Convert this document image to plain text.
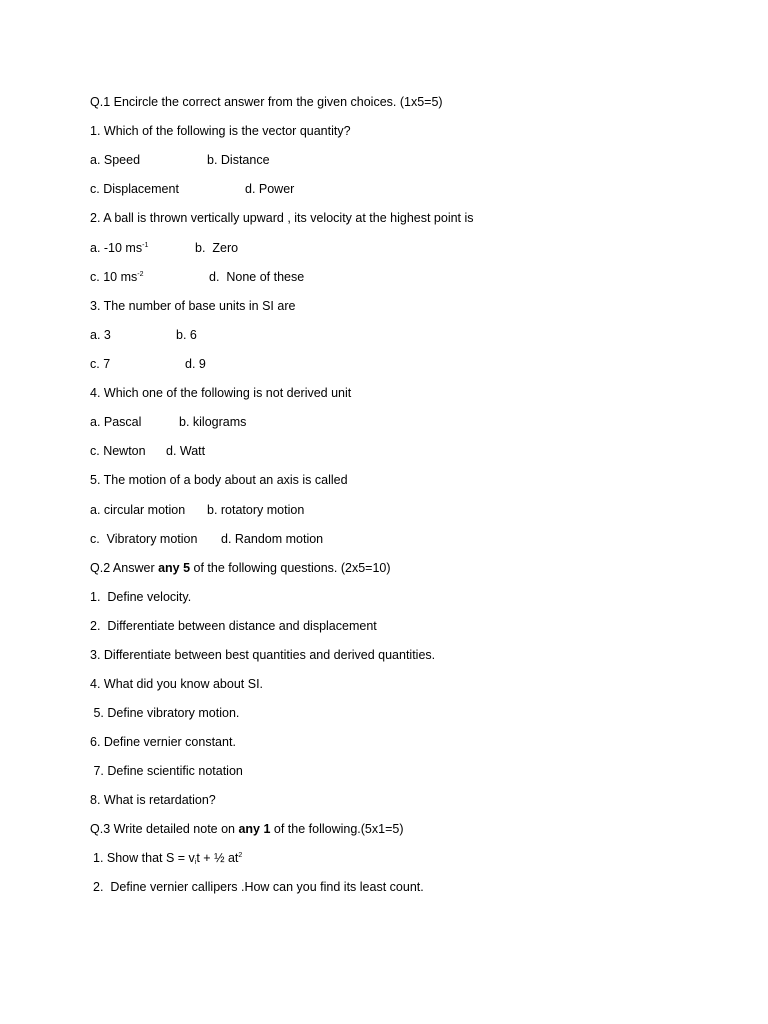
Q.1 Encircle the correct answer from the given choices. (1x5=5)
1. Which of the following is the vector quantity?
a. Speed	b. Distance
c. Displacement	d. Power
2. A ball is thrown vertically upward , its velocity at the highest point is
a. -10 $ms^{-1}$	b.  Zero
c. 10 $ms^{-2}$	d.  None of these
3. The number of base units in SI are
a. 3	b. 6
c. 7	d. 9
4. Which one of the following is not derived unit
a. Pascal	b. kilograms
c. Newton d. Watt
5. The motion of a body about an axis is called
a. circular motion b. rotatory motion
c.  Vibratory motion d. Random motion
Q.2 Answer any 5 of the following questions. (2x5=10)
1.  Define velocity.
2.  Differentiate between distance and displacement
3. Differentiate between best quantities and derived quantities.
4. What did you know about SI.
5. Define vibratory motion.
6. Define vernier constant.
7. Define scientific notation
8. What is retardation?
Q.3 Write detailed note on any 1 of the following.(5x1=5)
1. Show that $S = v_it$ + ½ $at^2$
2.  Define vernier callipers .How can you find its least count.
